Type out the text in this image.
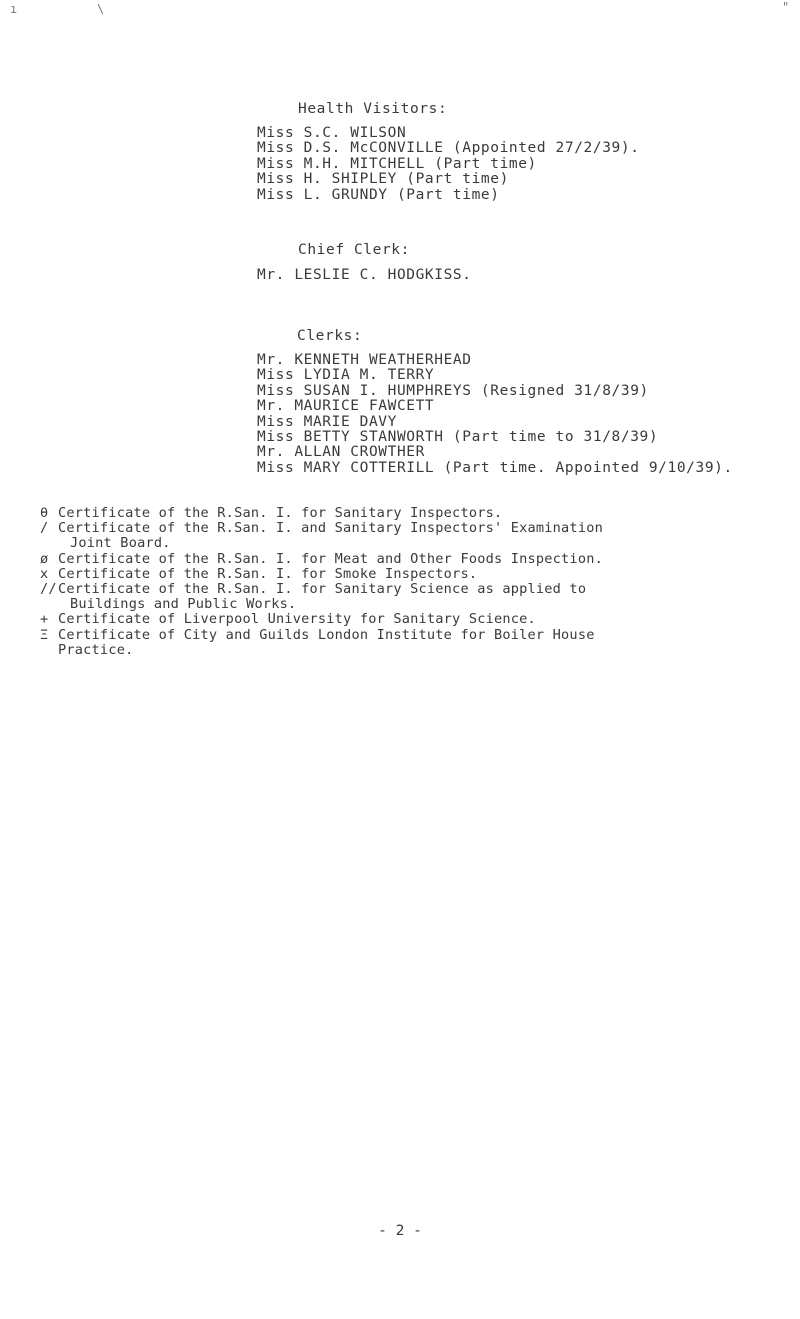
ı	\	"
Health Visitors:
Miss S.C. WILSON
Miss D.S. McCONVILLE (Appointed 27/2/39).
Miss M.H. MITCHELL (Part time)
Miss H. SHIPLEY (Part time)
Miss L. GRUNDY (Part time)
Chief Clerk:
Mr. LESLIE C. HODGKISS.
Clerks:
Mr. KENNETH WEATHERHEAD
Miss LYDIA M. TERRY
Miss SUSAN I. HUMPHREYS (Resigned 31/8/39)
Mr. MAURICE FAWCETT
Miss MARIE DAVY
Miss BETTY STANWORTH (Part time to 31/8/39)
Mr. ALLAN CROWTHER
Miss MARY COTTERILL (Part time. Appointed 9/10/39).
θ Certificate of the R.San. I. for Sanitary Inspectors.
/ Certificate of the R.San. I. and Sanitary Inspectors' Examination
Joint Board.
ø Certificate of the R.San. I. for Meat and Other Foods Inspection.
x Certificate of the R.San. I. for Smoke Inspectors.
// Certificate of the R.San. I. for Sanitary Science as applied to
Buildings and Public Works.
+ Certificate of Liverpool University for Sanitary Science.
Ξ Certificate of City and Guilds London Institute for Boiler House
Practice.
- 2 -
